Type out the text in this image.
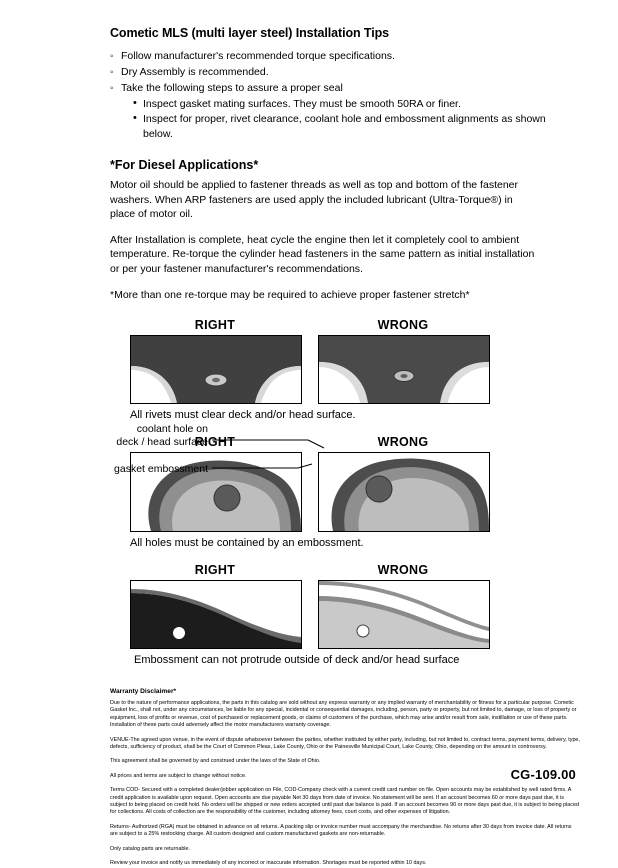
Cometic MLS (multi layer steel) Installation Tips
◦ Follow manufacturer's recommended torque specifications.
◦ Dry Assembly is recommended.
◦ Take the following steps to assure a proper seal
• Inspect gasket mating surfaces. They must be smooth 50RA or finer.
• Inspect for proper, rivet clearance, coolant hole and embossment alignments as shown below.
*For Diesel Applications*

Motor oil should be applied to fastener threads as well as top and bottom of the fastener washers. When ARP fasteners are used apply the included lubricant (Ultra-Torque®) in place of motor oil.

After Installation is complete, heat cycle the engine then let it completely cool to ambient temperature. Re-torque the cylinder head fasteners in the same pattern as initial installation or per your fastener manufacturer's recommendations.

*More than one re-torque may be required to achieve proper fastener stretch*

RIGHT	WRONG
All rivets must clear deck and/or head surface.
RIGHT	WRONG
All holes must be contained by an embossment.
RIGHT	WRONG
Embossment can not protrude outside of deck and/or head surface
coolant hole on
deck / head surface
gasket embossment
Warranty Disclaimer*

Due to the nature of performance applications, the parts in this catalog are sold without any express warranty or any implied warranty of merchantability or fitness for a particular purpose. Cometic Gasket Inc., shall not, under any circumstances, be liable for any special, incidental or consequential damages, including, person, party or property, but not limited to, damage, or loss of property or equipment, loss of profits or revenue, cost of purchased or replacement goods, or claims of customers of the purchase, which may arise and/or result from sale, instillation or use of these parts. Installation of these parts could adversely affect the motor manufacturers warranty coverage.

VENUE-The agreed upon venue, in the event of dispute whatsoever between the parties, whether instituted by either party, including, but not limited to, contract terms, payment terms, delivery, type, defects, sufficiency of product, shall be the Court of Common Pleas, Lake County, Ohio or the Painesville Municipal Court, Lake County, Ohio, depending on the amount in controversy.

This agreement shall be governed by and construed under the laws of the State of Ohio.

All prices and terms are subject to change without notice.

Terms COD- Secured with a completed dealer/jobber application on File, COD-Company check with a current credit card number on file. Open accounts may be established by well rated firms. A credit application is available upon request. Open accounts are due payable Net 30 days from date of invoice. No statement will be sent. If an account becomes 60 or more days past due, it is subject to being placed on credit hold. No orders will be shipped or new orders accepted until past due balance is paid. If an account becomes 90 or more days past due, it is subject to being placed for collections. All costs of collection are the responsibility of the customer, including attorney fees, court costs, and other expenses of litigation.

Returns- Authorized (RGA) must be obtained in advance on all returns. A packing slip or invoice number must accompany the merchandise. No returns after 30 days from invoice date. All returns are subject to a 25% restocking charge. All custom designed and custom manufactured gaskets are non-returnable.

Only catalog parts are returnable.

Review your invoice and notify us immediately of any incorrect or inaccurate information. Shortages must be reported within 10 days.

CG-109.00
